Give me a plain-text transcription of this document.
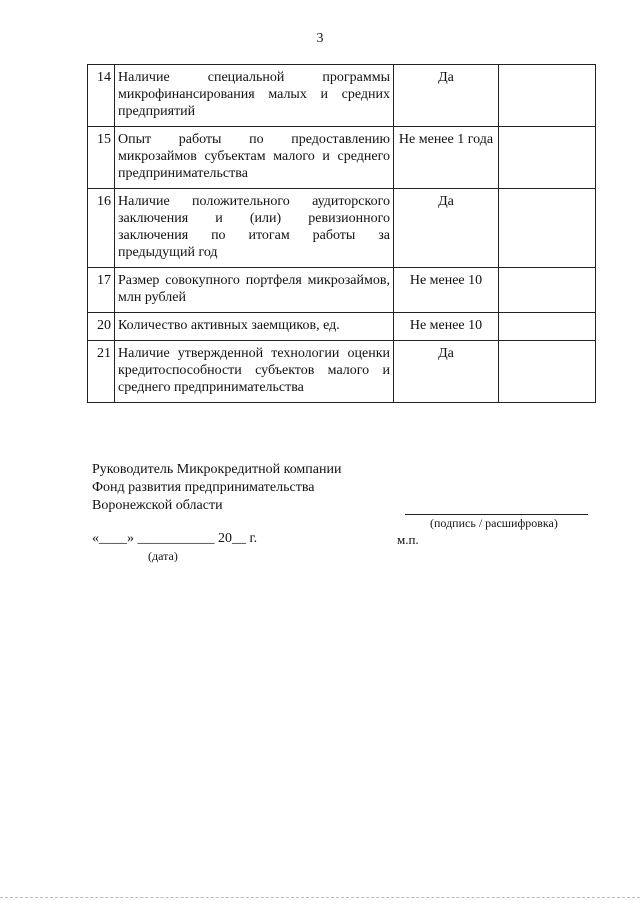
3
14	Наличие специальной программы микрофинансирования малых и средних предприятий	Да	
15	Опыт работы по предоставлению микрозаймов субъектам малого и среднего предпринимательства	Не менее 1 года	
16	Наличие положительного аудиторского заключения и (или) ревизионного заключения по итогам работы за предыдущий год	Да	
17	Размер совокупного портфеля микрозаймов, млн рублей	Не менее 10	
20	Количество активных заемщиков, ед.	Не менее 10	
21	Наличие утвержденной технологии оценки кредитоспособности субъектов малого и среднего предпринимательства	Да	
Руководитель Микрокредитной компании
Фонд развития предпринимательства
Воронежской области
(подпись / расшифровка)
«____» ___________ 20__ г.
(дата)
м.п.
